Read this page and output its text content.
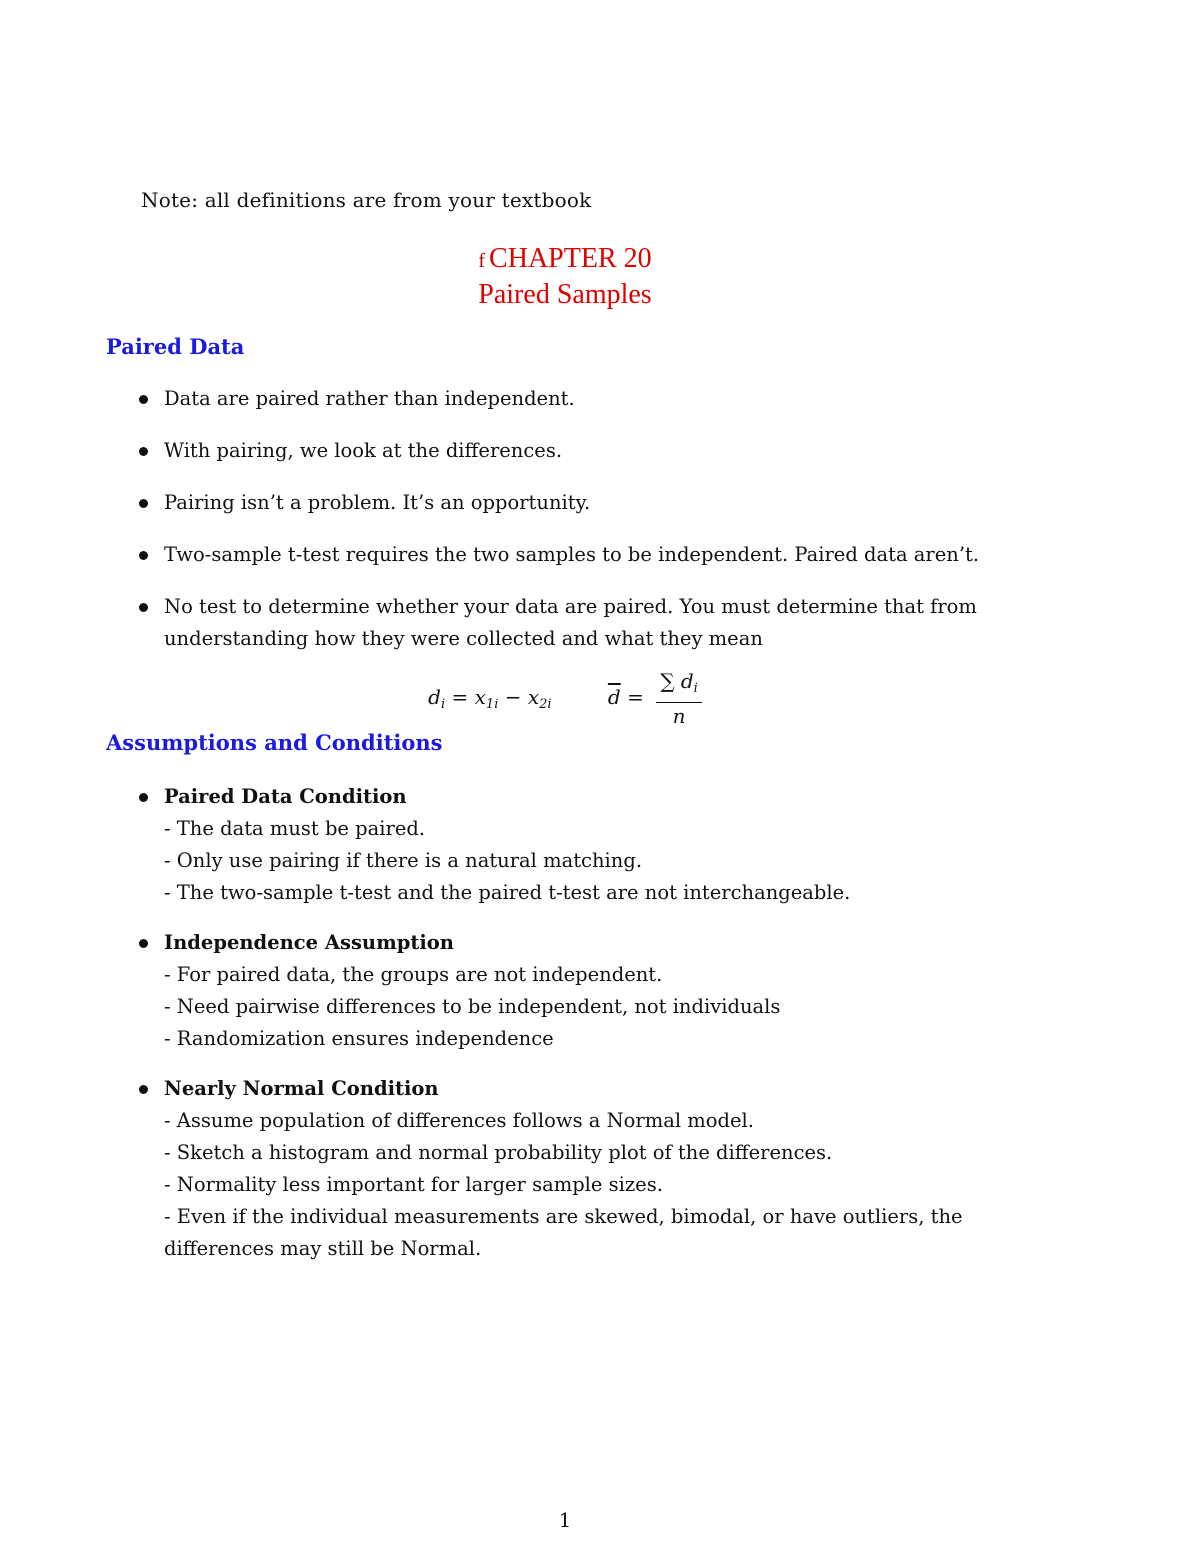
Note: all definitions are from your textbook
f CHAPTER 20
Paired Samples
Paired Data
Data are paired rather than independent.
With pairing, we look at the differences.
Pairing isn’t a problem. It’s an opportunity.
Two-sample t-test requires the two samples to be independent. Paired data aren’t.
No test to determine whether your data are paired. You must determine that from understanding how they were collected and what they mean
$d_i = x_{1i} - x_{2i}$	$\overline{d} = \frac{\sum d_i}{n}$
Assumptions and Conditions
Paired Data Condition
- The data must be paired.
- Only use pairing if there is a natural matching.
- The two-sample t-test and the paired t-test are not interchangeable.
Independence Assumption
- For paired data, the groups are not independent.
- Need pairwise differences to be independent, not individuals
- Randomization ensures independence
Nearly Normal Condition
- Assume population of differences follows a Normal model.
- Sketch a histogram and normal probability plot of the differences.
- Normality less important for larger sample sizes.
- Even if the individual measurements are skewed, bimodal, or have outliers, the differences may still be Normal.
1
